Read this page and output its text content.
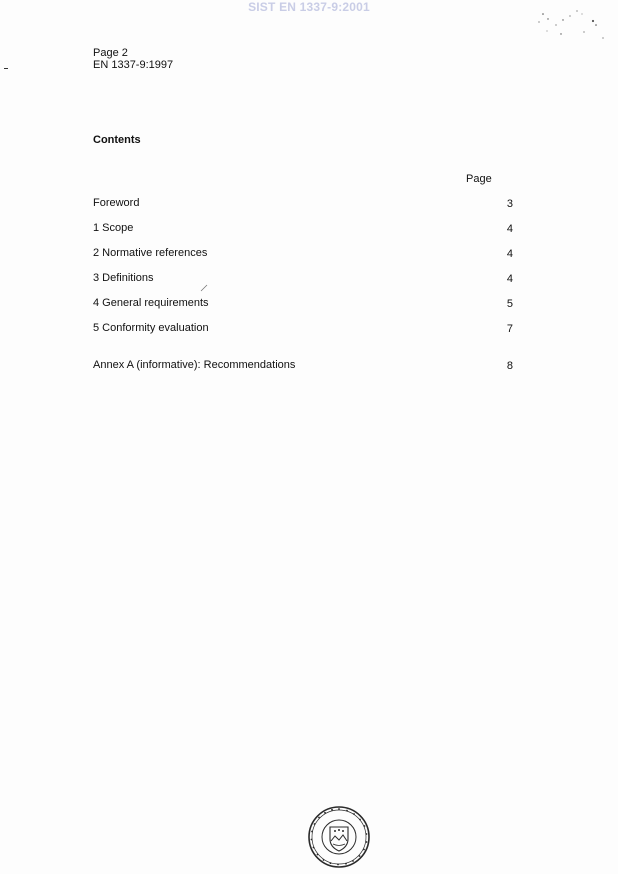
SIST EN 1337-9:2001
Page 2
EN 1337-9:1997
Contents
Page
Foreword	3
1 Scope	4
2 Normative references	4
3 Definitions	4
4 General requirements	5
5 Conformity evaluation	7
Annex A (informative): Recommendations	8
